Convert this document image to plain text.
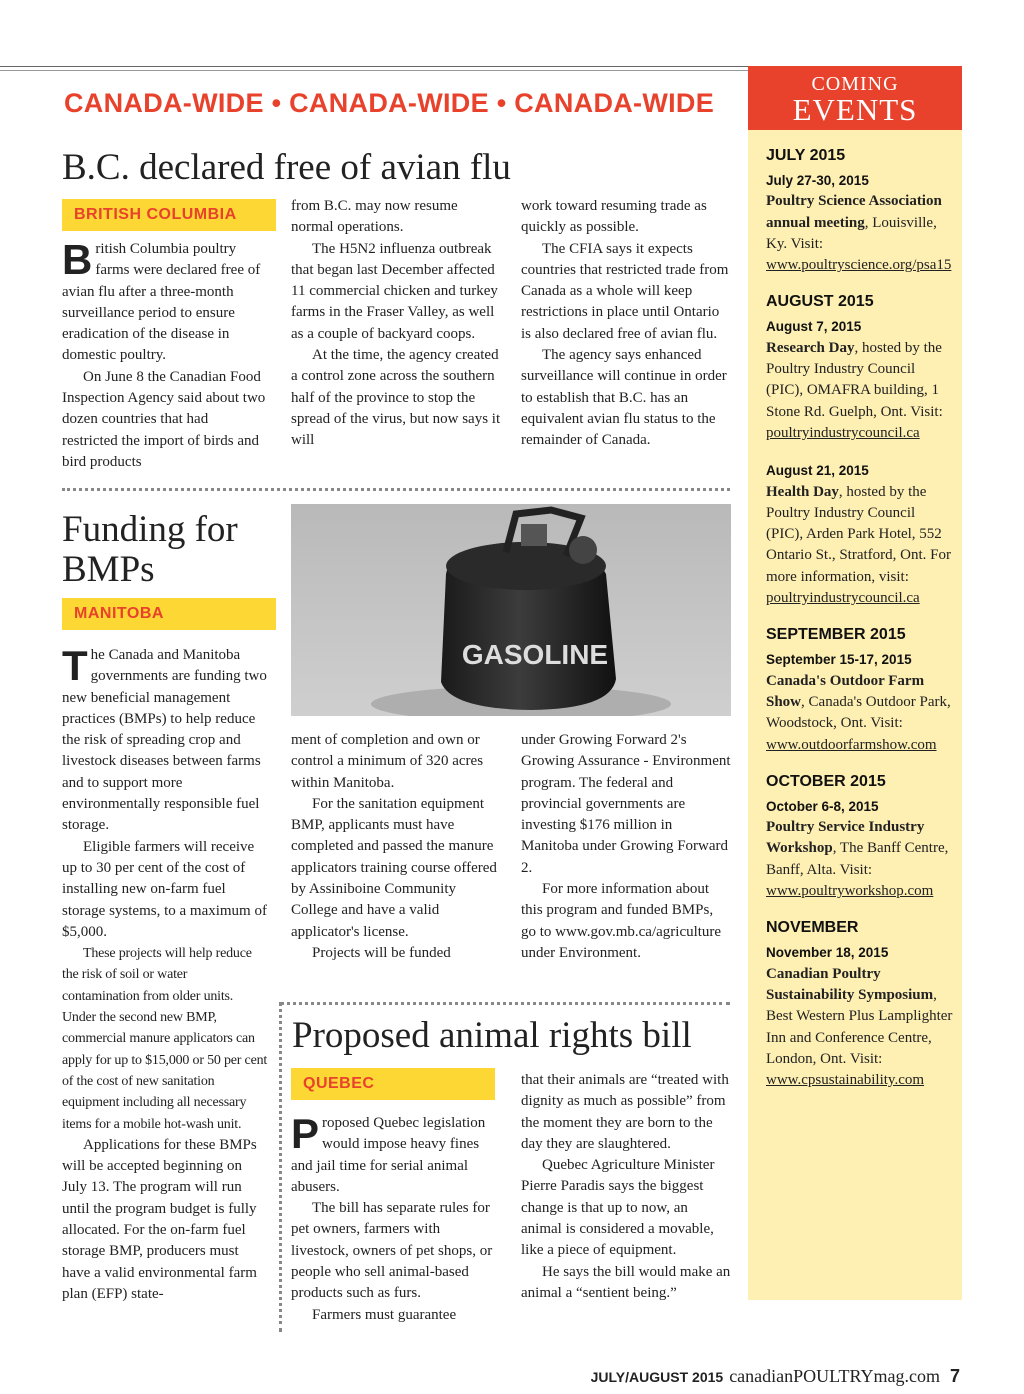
CANADA-WIDE • CANADA-WIDE • CANADA-WIDE
B.C. declared free of avian flu
BRITISH COLUMBIA

British Columbia poultry farms were declared free of avian flu after a three-month surveillance period to ensure eradication of the disease in domestic poultry.

On June 8 the Canadian Food Inspection Agency said about two dozen countries that had restricted the import of birds and bird products

from B.C. may now resume normal operations.

The H5N2 influenza outbreak that began last December affected 11 commercial chicken and turkey farms in the Fraser Valley, as well as a couple of backyard coops.

At the time, the agency created a control zone across the southern half of the province to stop the spread of the virus, but now says it will

work toward resuming trade as quickly as possible.

The CFIA says it expects countries that restricted trade from Canada as a whole will keep restrictions in place until Ontario is also declared free of avian flu.

The agency says enhanced surveillance will continue in order to establish that B.C. has an equivalent avian flu status to the remainder of Canada.

Funding for
BMPs
MANITOBA
GASOLINE

The Canada and Manitoba governments are funding two new beneficial management practices (BMPs) to help reduce the risk of spreading crop and livestock diseases between farms and to support more environmentally responsible fuel storage.

Eligible farmers will receive up to 30 per cent of the cost of installing new on-farm fuel storage systems, to a maximum of $5,000.

These projects will help reduce the risk of soil or water contamination from older units. Under the second new BMP, commercial manure applicators can apply for up to $15,000 or 50 per cent of the cost of new sanitation equipment including all necessary items for a mobile hot-wash unit.

Applications for these BMPs will be accepted beginning on July 13. The program will run until the program budget is fully allocated. For the on-farm fuel storage BMP, producers must have a valid environmental farm plan (EFP) state-

ment of completion and own or control a minimum of 320 acres within Manitoba.

For the sanitation equipment BMP, applicants must have completed and passed the manure applicators training course offered by Assiniboine Community College and have a valid applicator's license.

Projects will be funded

under Growing Forward 2's Growing Assurance - Environment program. The federal and provincial governments are investing $176 million in Manitoba under Growing Forward 2.

For more information about this program and funded BMPs, go to www.gov.mb.ca/agriculture under Environment.

Proposed animal rights bill
QUEBEC

Proposed Quebec legislation would impose heavy fines and jail time for serial animal abusers.

The bill has separate rules for pet owners, farmers with livestock, owners of pet shops, or people who sell animal-based products such as furs.

Farmers must guarantee

that their animals are “treated with dignity as much as possible” from the moment they are born to the day they are slaughtered.

Quebec Agriculture Minister Pierre Paradis says the biggest change is that up to now, an animal is considered a movable, like a piece of equipment.

He says the bill would make an animal a “sentient being.”

COMING
EVENTS
JULY 2015
July 27-30, 2015
Poultry Science Association annual meeting, Louisville, Ky. Visit: www.poultryscience.org/psa15
AUGUST 2015
August 7, 2015
Research Day, hosted by the Poultry Industry Council (PIC), OMAFRA building, 1 Stone Rd. Guelph, Ont. Visit: poultryindustrycouncil.ca
August 21, 2015
Health Day, hosted by the Poultry Industry Council (PIC), Arden Park Hotel, 552 Ontario St., Stratford, Ont. For more information, visit: poultryindustrycouncil.ca
SEPTEMBER 2015
September 15-17, 2015
Canada's Outdoor Farm Show, Canada's Outdoor Park, Woodstock, Ont. Visit: www.outdoorfarmshow.com
OCTOBER 2015
October 6-8, 2015
Poultry Service Industry Workshop, The Banff Centre, Banff, Alta. Visit: www.poultryworkshop.com
NOVEMBER
November 18, 2015
Canadian Poultry Sustainability Symposium, Best Western Plus Lamplighter Inn and Conference Centre, London, Ont. Visit: www.cpsustainability.com
JULY/AUGUST 2015 canadianPOULTRYmag.com 7
